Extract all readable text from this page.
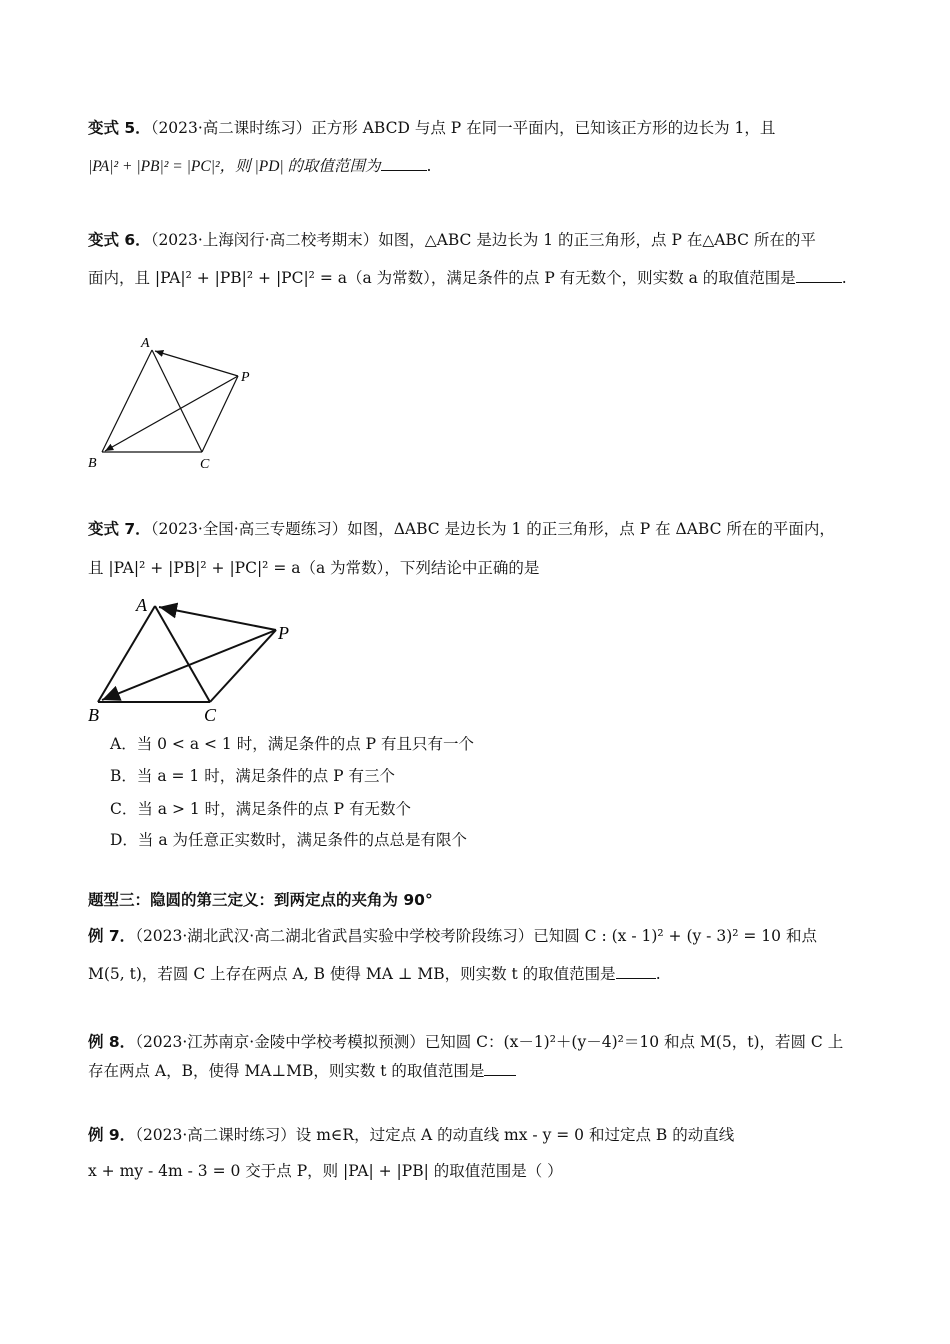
变式 5．（2023·高二课时练习）正方形 ABCD 与点 P 在同一平面内，已知该正方形的边长为 1，且
|PA|² + |PB|² = |PC|²，则 |PD| 的取值范围为	.
变式 6．（2023·上海闵行·高二校考期末）如图，△ABC 是边长为 1 的正三角形，点 P 在△ABC 所在的平
面内，且 |PA|² + |PB|² + |PC|² = a（a 为常数），满足条件的点 P 有无数个，则实数 a 的取值范围是	.
A
B	C
P
变式 7．（2023·全国·高三专题练习）如图，ΔABC 是边长为 1 的正三角形，点 P 在 ΔABC 所在的平面内，
且 |PA|² + |PB|² + |PC|² = a（a 为常数），下列结论中正确的是
A
B	C
P
A．当 0 < a < 1 时，满足条件的点 P 有且只有一个
B．当 a = 1 时，满足条件的点 P 有三个
C．当 a > 1 时，满足条件的点 P 有无数个
D．当 a 为任意正实数时，满足条件的点总是有限个
题型三：隐圆的第三定义：到两定点的夹角为 90°
例 7．（2023·湖北武汉·高二湖北省武昌实验中学校考阶段练习）已知圆 C : (x - 1)² + (y - 3)² = 10 和点
M(5, t)，若圆 C 上存在两点 A, B 使得 MA ⊥ MB，则实数 t 的取值范围是	.
例 8．（2023·江苏南京·金陵中学校考模拟预测）已知圆 C：(x－1)²＋(y－4)²＝10 和点 M(5，t)，若圆 C 上
存在两点 A，B，使得 MA⊥MB，则实数 t 的取值范围是
例 9．（2023·高二课时练习）设 m∈R，过定点 A 的动直线 mx - y = 0 和过定点 B 的动直线
x + my - 4m - 3 = 0 交于点 P，则 |PA| + |PB| 的取值范围是（ ）
